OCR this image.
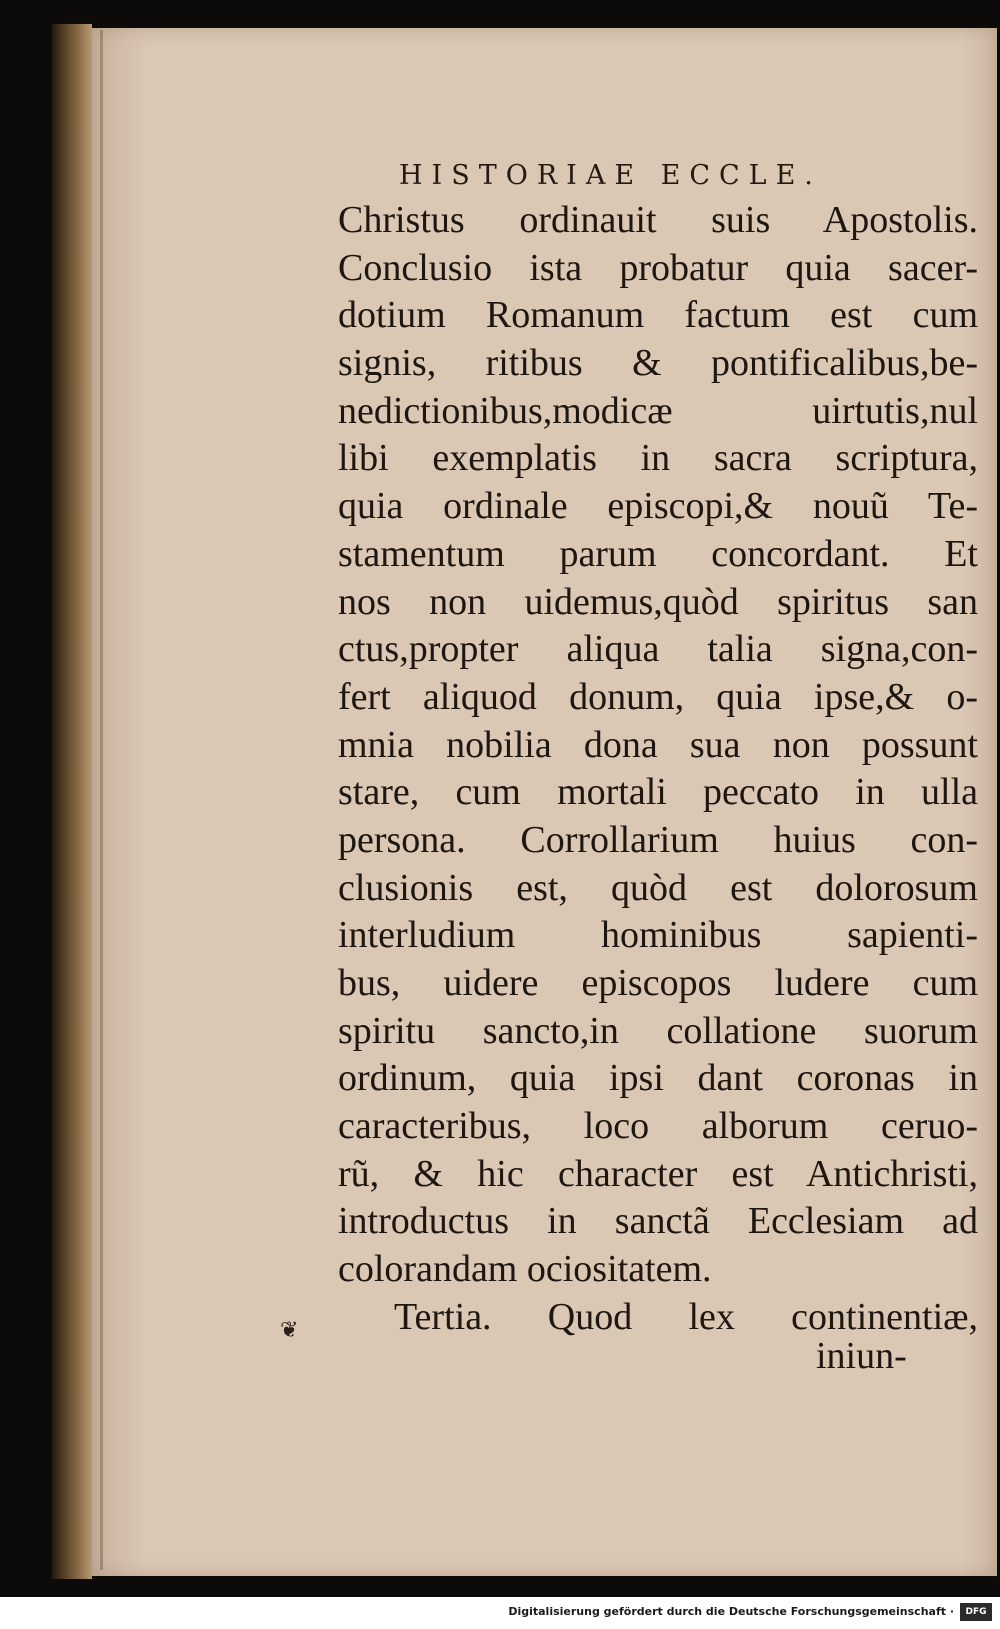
HISTORIAE ECCLE.
Christus ordinauit suis Apostolis.
Conclusio ista probatur quia sacer-
dotium Romanum factum est cum
signis, ritibus & pontificalibus,be-
nedictionibus,modicæ uirtutis,nul
libi exemplatis in sacra scriptura,
quia ordinale episcopi,& nouũ Te-
stamentum parum concordant. Et
nos non uidemus,quòd spiritus san
ctus,propter aliqua talia signa,con-
fert aliquod donum, quia ipse,& o-
mnia nobilia dona sua non possunt
stare, cum mortali peccato in ulla
persona. Corrollarium huius con-
clusionis est, quòd est dolorosum
interludium hominibus sapienti-
bus, uidere episcopos ludere cum
spiritu sancto,in collatione suorum
ordinum, quia ipsi dant coronas in
caracteribus, loco alborum ceruo-
rũ, & hic character est Antichristi,
introductus in sanctã Ecclesiam ad
colorandam ociositatem.
Tertia. Quod lex continentiæ,
❦
iniun-
Digitalisierung gefördert durch die Deutsche Forschungsgemeinschaft ·	DFG
